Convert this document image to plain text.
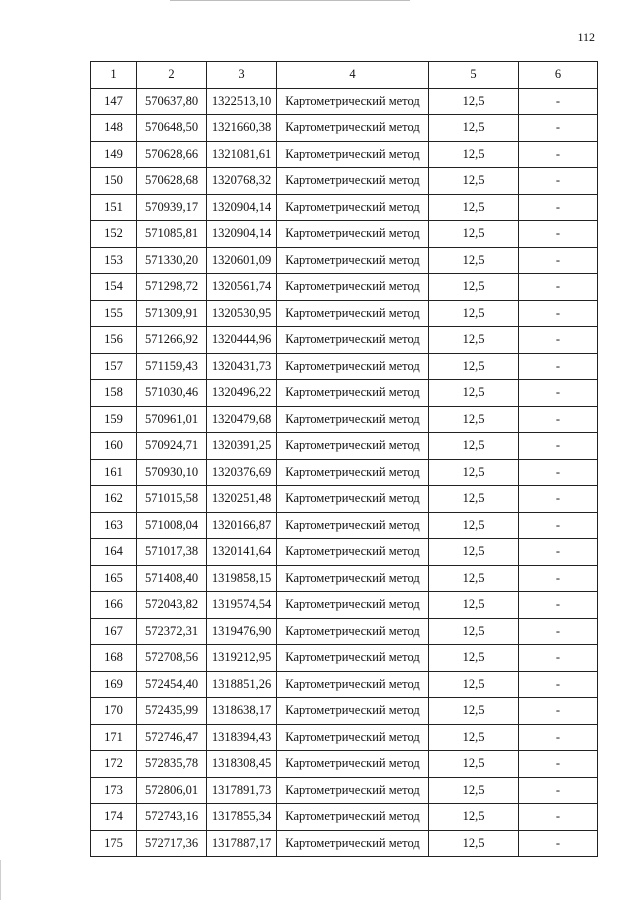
112
1	2	3	4	5	6
147	570637,80	1322513,10	Картометрический метод	12,5	-
148	570648,50	1321660,38	Картометрический метод	12,5	-
149	570628,66	1321081,61	Картометрический метод	12,5	-
150	570628,68	1320768,32	Картометрический метод	12,5	-
151	570939,17	1320904,14	Картометрический метод	12,5	-
152	571085,81	1320904,14	Картометрический метод	12,5	-
153	571330,20	1320601,09	Картометрический метод	12,5	-
154	571298,72	1320561,74	Картометрический метод	12,5	-
155	571309,91	1320530,95	Картометрический метод	12,5	-
156	571266,92	1320444,96	Картометрический метод	12,5	-
157	571159,43	1320431,73	Картометрический метод	12,5	-
158	571030,46	1320496,22	Картометрический метод	12,5	-
159	570961,01	1320479,68	Картометрический метод	12,5	-
160	570924,71	1320391,25	Картометрический метод	12,5	-
161	570930,10	1320376,69	Картометрический метод	12,5	-
162	571015,58	1320251,48	Картометрический метод	12,5	-
163	571008,04	1320166,87	Картометрический метод	12,5	-
164	571017,38	1320141,64	Картометрический метод	12,5	-
165	571408,40	1319858,15	Картометрический метод	12,5	-
166	572043,82	1319574,54	Картометрический метод	12,5	-
167	572372,31	1319476,90	Картометрический метод	12,5	-
168	572708,56	1319212,95	Картометрический метод	12,5	-
169	572454,40	1318851,26	Картометрический метод	12,5	-
170	572435,99	1318638,17	Картометрический метод	12,5	-
171	572746,47	1318394,43	Картометрический метод	12,5	-
172	572835,78	1318308,45	Картометрический метод	12,5	-
173	572806,01	1317891,73	Картометрический метод	12,5	-
174	572743,16	1317855,34	Картометрический метод	12,5	-
175	572717,36	1317887,17	Картометрический метод	12,5	-
